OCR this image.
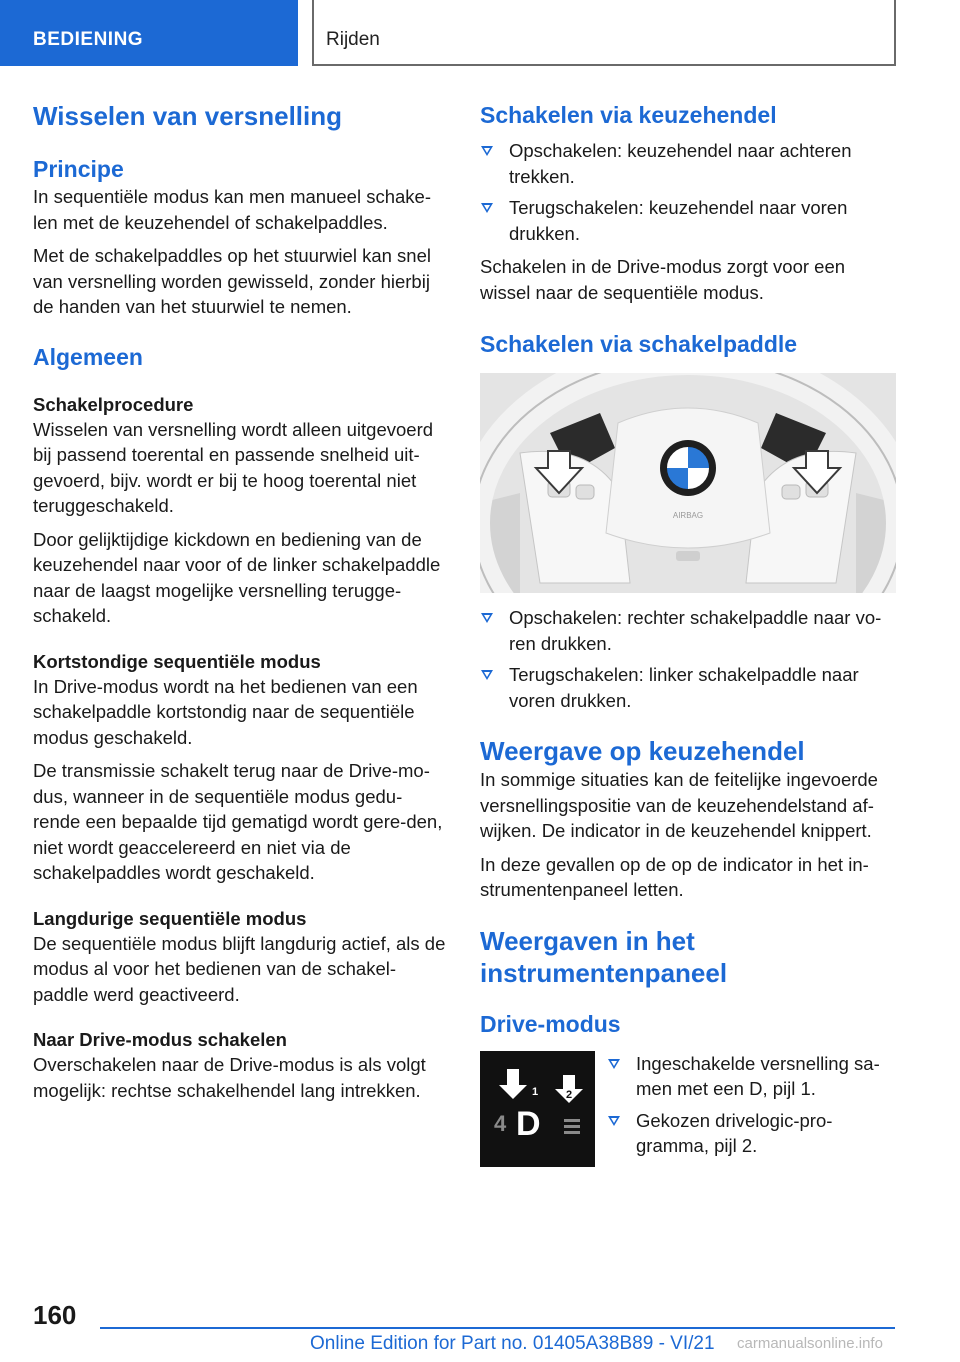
BEDIENING	Rijden
Wisselen van versnelling
Principe

In sequentiële modus kan men manueel schake-len met de keuzehendel of schakelpaddles.

Met de schakelpaddles op het stuurwiel kan snel van versnelling worden gewisseld, zonder hierbij de handen van het stuurwiel te nemen.

Algemeen
Schakelprocedure

Wisselen van versnelling wordt alleen uitgevoerd bij passend toerental en passende snelheid uit-gevoerd, bijv. wordt er bij te hoog toerental niet teruggeschakeld.

Door gelijktijdige kickdown en bediening van de keuzehendel naar voor of de linker schakelpaddle naar de laagst mogelijke versnelling terugge-schakeld.

Kortstondige sequentiële modus

In Drive-modus wordt na het bedienen van een schakelpaddle kortstondig naar de sequentiële modus geschakeld.

De transmissie schakelt terug naar de Drive-mo-dus, wanneer in de sequentiële modus gedu-rende een bepaalde tijd gematigd wordt gere-den, niet wordt geaccelereerd en niet via de schakelpaddles wordt geschakeld.

Langdurige sequentiële modus

De sequentiële modus blijft langdurig actief, als de modus al voor het bedienen van de schakel-paddle werd geactiveerd.

Naar Drive-modus schakelen

Overschakelen naar de Drive-modus is als volgt mogelijk: rechtse schakelhendel lang intrekken.

Schakelen via keuzehendel
Opschakelen: keuzehendel naar achteren trekken.
Terugschakelen: keuzehendel naar voren drukken.

Schakelen in de Drive-modus zorgt voor een wissel naar de sequentiële modus.

Schakelen via schakelpaddle
AIRBAG
Opschakelen: rechter schakelpaddle naar vo-ren drukken.
Terugschakelen: linker schakelpaddle naar voren drukken.
Weergave op keuzehendel

In sommige situaties kan de feitelijke ingevoerde versnellingspositie van de keuzehendelstand af-wijken. De indicator in de keuzehendel knippert.

In deze gevallen op de op de indicator in het in-strumentenpaneel letten.

Weergaven in het
instrumentenpaneel
Drive-modus
1	2
4 D
Ingeschakelde versnelling sa-men met een D, pijl 1.
Gekozen drivelogic-pro-gramma, pijl 2.
160
Online Edition for Part no. 01405A38B89 - VI/21 carmanualsonline.info
